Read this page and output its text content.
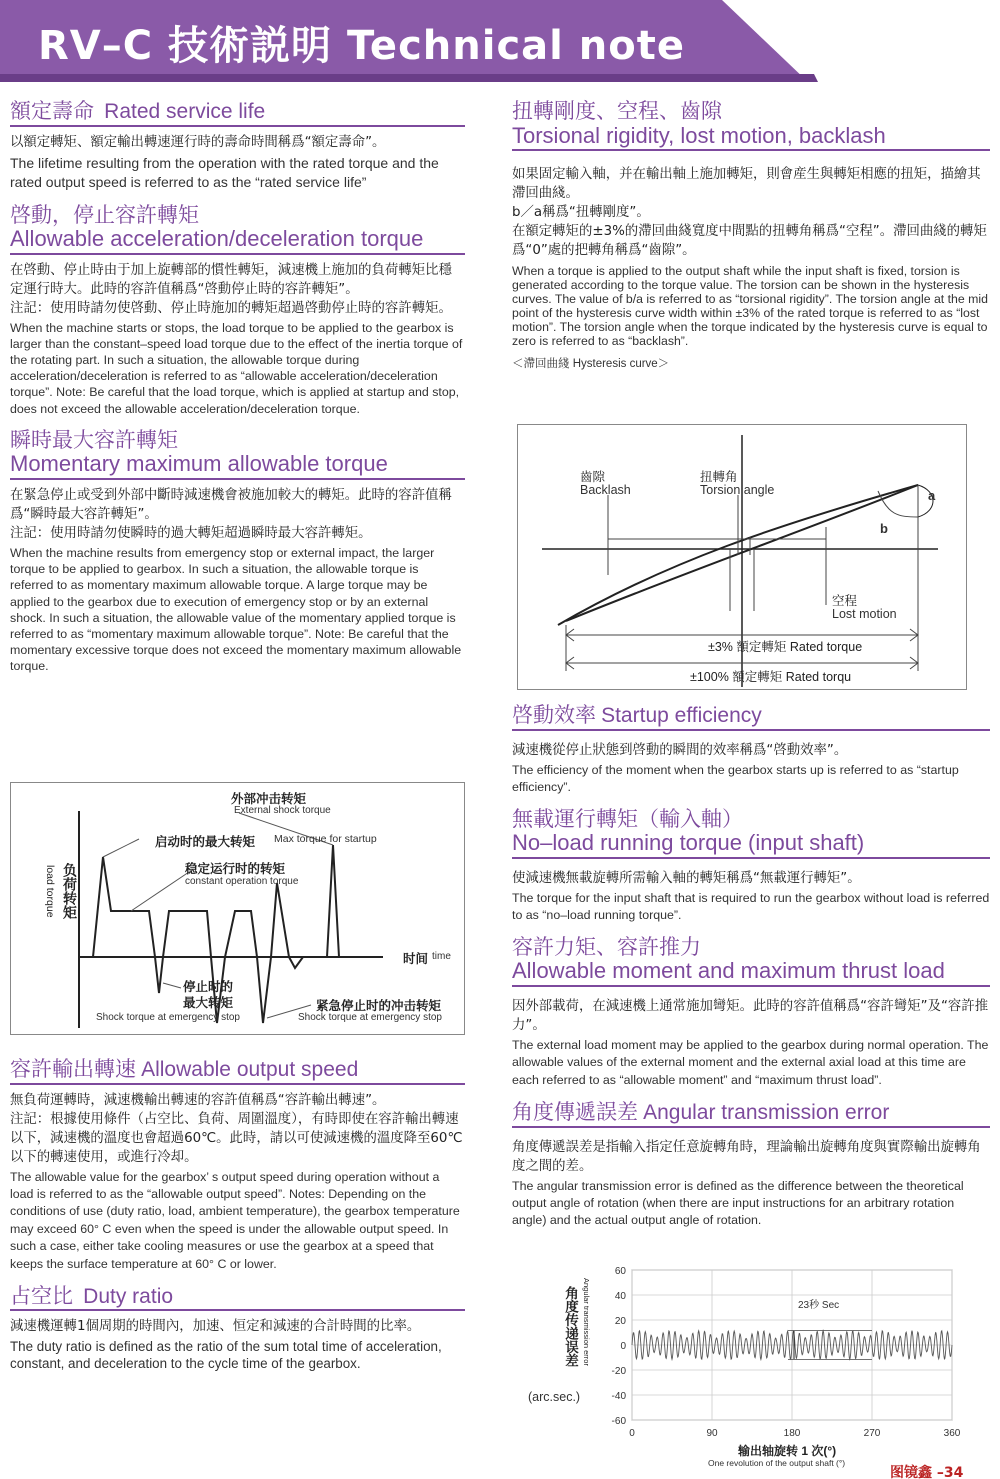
RV–C 技術説明 Technical note
額定壽命 Rated service life
以額定轉矩、額定輸出轉速運行時的壽命時間稱爲“額定壽命”。
The lifetime resulting from the operation with the rated torque and the rated output speed is referred to as the “rated service life”
啓動，停止容許轉矩
Allowable acceleration/deceleration torque
在啓動、停止時由于加上旋轉部的慣性轉矩，減速機上施加的負荷轉矩比穩定運行時大。此時的容許值稱爲“啓動停止時的容許轉矩”。
注記：使用時請勿使啓動、停止時施加的轉矩超過啓動停止時的容許轉矩。
When the machine starts or stops, the load torque to be applied to the gearbox is larger than the constant–speed load torque due to the effect of the inertia torque of the rotating part. In such a situation, the allowable torque during acceleration/deceleration is referred to as “allowable acceleration/deceleration torque”. Note: Be careful that the load torque, which is applied at startup and stop, does not exceed the allowable acceleration/deceleration torque.
瞬時最大容許轉矩
Momentary maximum allowable torque
在緊急停止或受到外部中斷時減速機會被施加較大的轉矩。此時的容許值稱爲“瞬時最大容許轉矩”。
注記：使用時請勿使瞬時的過大轉矩超過瞬時最大容許轉矩。
When the machine results from emergency stop or external impact, the larger torque to be applied to gearbox. In such a situation, the allowable torque is referred to as momentary maximum allowable torque. A large torque may be applied to the gearbox due to execution of emergency stop or by an external shock. In such a situation, the allowable value of the momentary applied torque is referred to as “momentary maximum allowable torque”. Note: Be careful that the momentary excessive torque does not exceed the momentary maximum allowable torque.
外部冲击转矩
External shock torque
启动时的最大转矩 Max torque for startup
稳定运行时的转矩
constant operation torque
负荷转矩
load torque
时间 time
停止时的
最大转矩
Shock torque at emergency stop
紧急停止时的冲击转矩
Shock torque at emergency stop
容許輸出轉速 Allowable output speed
無負荷運轉時，減速機輸出轉速的容許值稱爲“容許輸出轉速”。
注記：根據使用條件（占空比、負荷、周圍溫度），有時即使在容許輸出轉速以下，減速機的溫度也會超過60℃。此時，請以可使減速機的溫度降至60℃以下的轉速使用，或進行冷却。
The allowable value for the gearbox’ s output speed during operation without a load is referred to as the “allowable output speed”. Notes: Depending on the conditions of use (duty ratio, load, ambient temperature), the gearbox temperature may exceed 60° C even when the speed is under the allowable output speed. In such a case, either take cooling measures or use the gearbox at a speed that keeps the surface temperature at 60° C or lower.
占空比 Duty ratio
減速機運轉1個周期的時間內，加速、恒定和減速的合計時間的比率。
The duty ratio is defined as the ratio of the sum total time of acceleration, constant, and deceleration to the cycle time of the gearbox.
扭轉剛度、空程、齒隙
Torsional rigidity, lost motion, backlash
如果固定輸入軸，并在輸出軸上施加轉矩，則會産生與轉矩相應的扭矩，描繪其滯回曲綫。
b／a稱爲“扭轉剛度”。
在額定轉矩的±3%的滯回曲綫寬度中間點的扭轉角稱爲“空程”。滯回曲綫的轉矩爲“0”處的把轉角稱爲“齒隙”。
When a torque is applied to the output shaft while the input shaft is fixed, torsion is generated according to the torque value. The torsion can be shown in the hysteresis curves. The value of b/a is referred to as “torsional rigidity”. The torsion angle at the mid point of the hysteresis curve width within ±3% of the rated torque is referred to as “lost motion”. The torsion angle when the torque indicated by the hysteresis curve is equal to zero is referred to as “backlash”.
＜滯回曲綫 Hysteresis curve＞
齒隙
Backlash
扭轉角
Torsion angle	a
b
空程
Lost motion
±3% 額定轉矩 Rated torque
±100% 額定轉矩 Rated torqu
啓動效率 Startup efficiency
減速機從停止狀態到啓動的瞬間的效率稱爲“啓動效率”。
The efficiency of the moment when the gearbox starts up is referred to as “startup efficiency”.
無載運行轉矩（輸入軸）
No–load running torque (input shaft)
使減速機無載旋轉所需輸入軸的轉矩稱爲“無載運行轉矩”。
The torque for the input shaft that is required to run the gearbox without load is referred to as “no–load running torque”.
容許力矩、容許推力
Allowable moment and maximum thrust load
因外部載荷，在減速機上通常施加彎矩。此時的容許值稱爲“容許彎矩”及“容許推力”。
The external load moment may be applied to the gearbox during normal operation. The allowable values of the external moment and the external axial load at this time are each referred to as “allowable moment” and “maximum thrust load”.
角度傳遞誤差 Angular transmission error
角度傳遞誤差是指輸入指定任意旋轉角時，理論輸出旋轉角度與實際輸出旋轉角度之間的差。
The angular transmission error is defined as the difference between the theoretical output angle of rotation (when there are input instructions for an arbitrary rotation angle) and the actual output angle of rotation.
60
40
20
0
-20
-40
-60
0	90	180	270	360
角度传递误差 Angular transmission error
(arc.sec.)
输出轴旋转 1 次(°)
One revolution of the output shaft (°)
23秒 Sec
图镜鑫 –34
